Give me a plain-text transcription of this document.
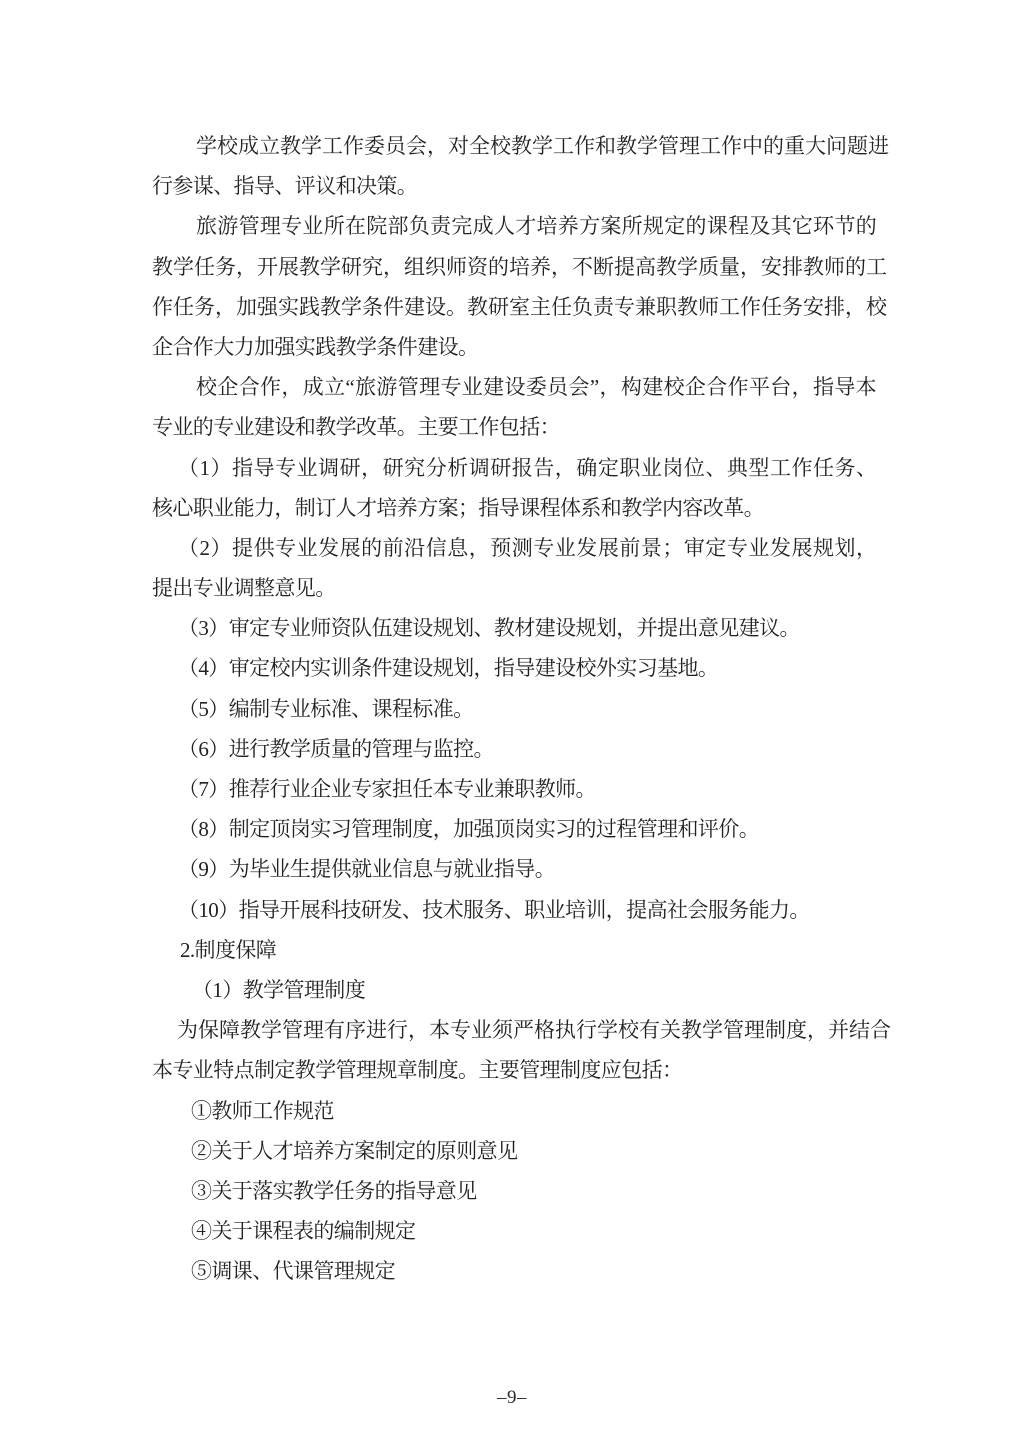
学 校 成 立 教 学 工 作 委 员 会 ， 对 全 校 教 学 工 作 和 教 学 管 理 工 作 中 的 重 大 问 题 进
行参谋、指导、评议和决策。
旅 游 管 理 专 业 所 在 院 部 负 责 完 成 人 才 培 养 方 案 所 规 定 的 课 程 及 其 它 环 节 的
教 学 任 务 ， 开 展 教 学 研 究 ， 组 织 师 资 的 培 养 ， 不 断 提 高 教 学 质 量 ， 安 排 教 师 的 工
作 任 务 ， 加 强 实 践 教 学 条 件 建 设 。 教 研 室 主 任 负 责 专 兼 职 教 师 工 作 任 务 安 排 ， 校
企合作大力加强实践教学条件建设。
校 企 合 作 ， 成 立 “ 旅 游 管 理 专 业 建 设 委 员 会 ” ， 构 建 校 企 合 作 平 台 ， 指 导 本
专业的专业建设和教学改革。主要工作包括：
（ 1 ） 指 导 专 业 调 研 ， 研 究 分 析 调 研 报 告 ， 确 定 职 业 岗 位 、 典 型 工 作 任 务 、
核心职业能力，制订人才培养方案；指导课程体系和教学内容改革。
（ 2 ） 提 供 专 业 发 展 的 前 沿 信 息 ， 预 测 专 业 发 展 前 景 ； 审 定 专 业 发 展 规 划 ，
提出专业调整意见。
（3）审定专业师资队伍建设规划、教材建设规划，并提出意见建议。
（4）审定校内实训条件建设规划，指导建设校外实习基地。
（5）编制专业标准、课程标准。
（6）进行教学质量的管理与监控。
（7）推荐行业企业专家担任本专业兼职教师。
（8）制定顶岗实习管理制度，加强顶岗实习的过程管理和评价。
（9）为毕业生提供就业信息与就业指导。
（10）指导开展科技研发、技术服务、职业培训，提高社会服务能力。
2.制度保障
（1）教学管理制度
为 保 障 教 学 管 理 有 序 进 行 ， 本 专 业 须 严 格 执 行 学 校 有 关 教 学 管 理 制 度 ， 并 结 合
本专业特点制定教学管理规章制度。主要管理制度应包括：
①教师工作规范
②关于人才培养方案制定的原则意见
③关于落实教学任务的指导意见
④关于课程表的编制规定
⑤调课、代课管理规定
–9–
